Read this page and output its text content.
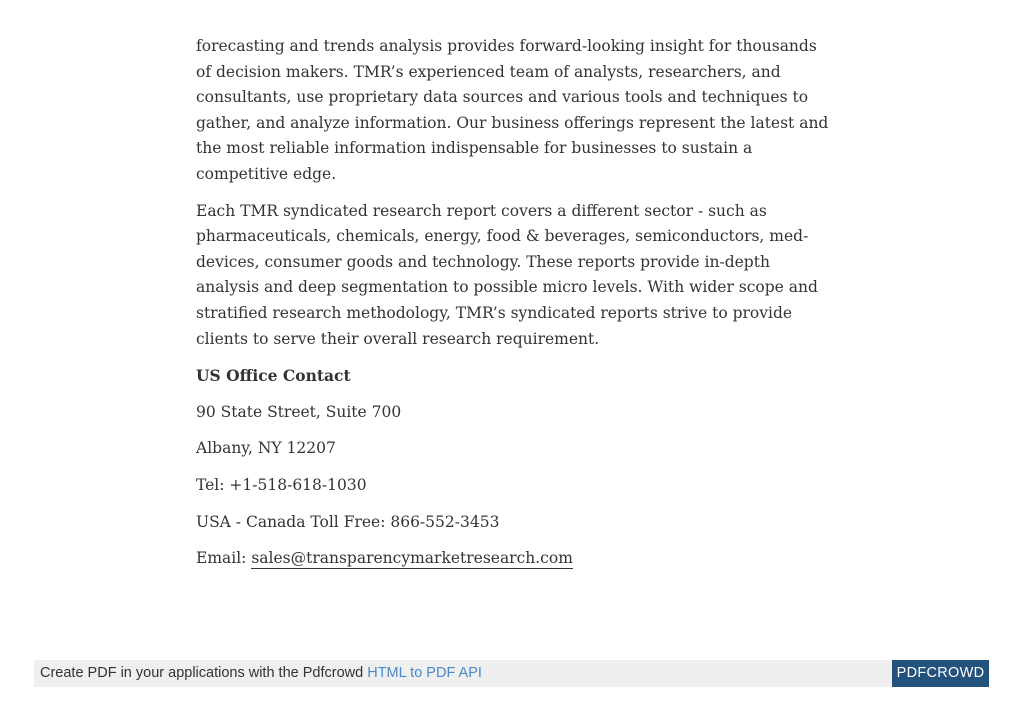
forecasting and trends analysis provides forward-looking insight for thousands of decision makers. TMR’s experienced team of analysts, researchers, and consultants, use proprietary data sources and various tools and techniques to gather, and analyze information. Our business offerings represent the latest and the most reliable information indispensable for businesses to sustain a competitive edge.

Each TMR syndicated research report covers a different sector - such as pharmaceuticals, chemicals, energy, food & beverages, semiconductors, med-devices, consumer goods and technology. These reports provide in-depth analysis and deep segmentation to possible micro levels. With wider scope and stratified research methodology, TMR’s syndicated reports strive to provide clients to serve their overall research requirement.

US Office Contact

90 State Street, Suite 700

Albany, NY 12207

Tel: +1-518-618-1030

USA - Canada Toll Free: 866-552-3453

Email: sales@transparencymarketresearch.com

Create PDF in your applications with the Pdfcrowd HTML to PDF API	PDFCROWD
